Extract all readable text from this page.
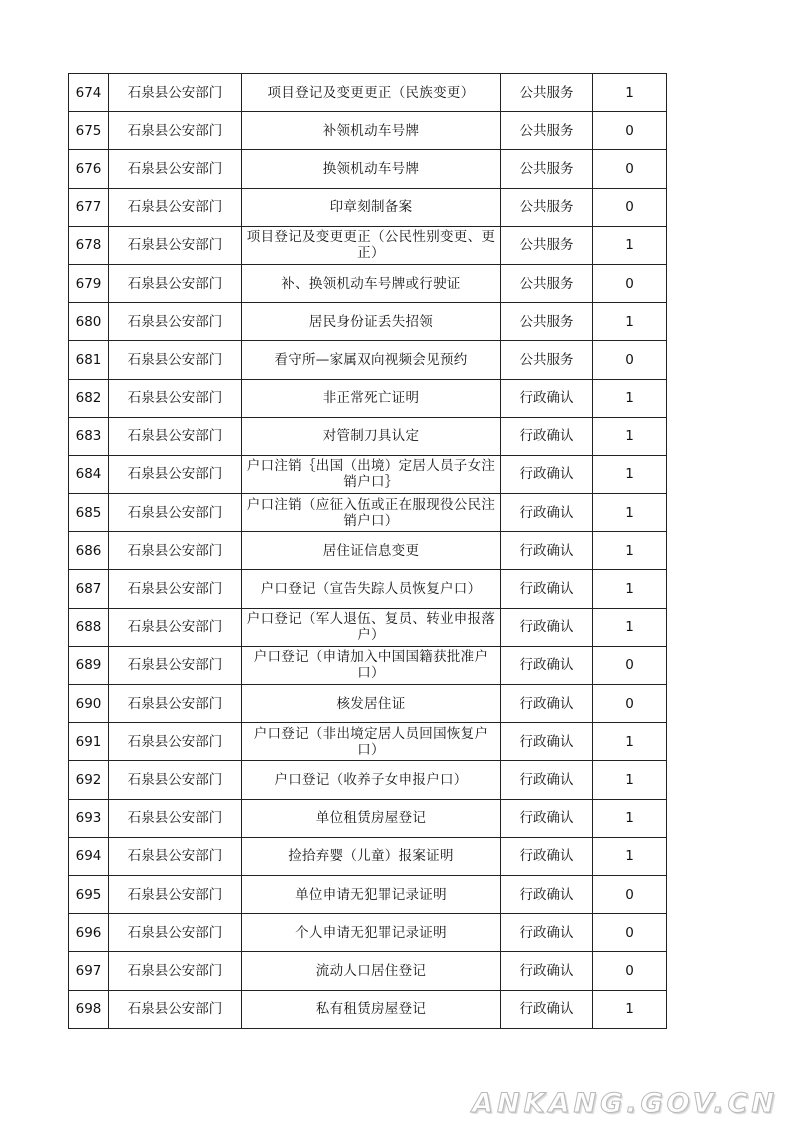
674	石泉县公安部门	项目登记及变更更正（民族变更）	公共服务	1
675	石泉县公安部门	补领机动车号牌	公共服务	0
676	石泉县公安部门	换领机动车号牌	公共服务	0
677	石泉县公安部门	印章刻制备案	公共服务	0
678	石泉县公安部门	项目登记及变更更正（公民性别变更、更正）	公共服务	1
679	石泉县公安部门	补、换领机动车号牌或行驶证	公共服务	0
680	石泉县公安部门	居民身份证丢失招领	公共服务	1
681	石泉县公安部门	看守所—家属双向视频会见预约	公共服务	0
682	石泉县公安部门	非正常死亡证明	行政确认	1
683	石泉县公安部门	对管制刀具认定	行政确认	1
684	石泉县公安部门	户口注销｛出国（出境）定居人员子女注销户口｝	行政确认	1
685	石泉县公安部门	户口注销（应征入伍或正在服现役公民注销户口）	行政确认	1
686	石泉县公安部门	居住证信息变更	行政确认	1
687	石泉县公安部门	户口登记（宣告失踪人员恢复户口）	行政确认	1
688	石泉县公安部门	户口登记（军人退伍、复员、转业申报落户）	行政确认	1
689	石泉县公安部门	户口登记（申请加入中国国籍获批准户口）	行政确认	0
690	石泉县公安部门	核发居住证	行政确认	0
691	石泉县公安部门	户口登记（非出境定居人员回国恢复户口）	行政确认	1
692	石泉县公安部门	户口登记（收养子女申报户口）	行政确认	1
693	石泉县公安部门	单位租赁房屋登记	行政确认	1
694	石泉县公安部门	捡拾弃婴（儿童）报案证明	行政确认	1
695	石泉县公安部门	单位申请无犯罪记录证明	行政确认	0
696	石泉县公安部门	个人申请无犯罪记录证明	行政确认	0
697	石泉县公安部门	流动人口居住登记	行政确认	0
698	石泉县公安部门	私有租赁房屋登记	行政确认	1
ANKANG.GOV.CN
